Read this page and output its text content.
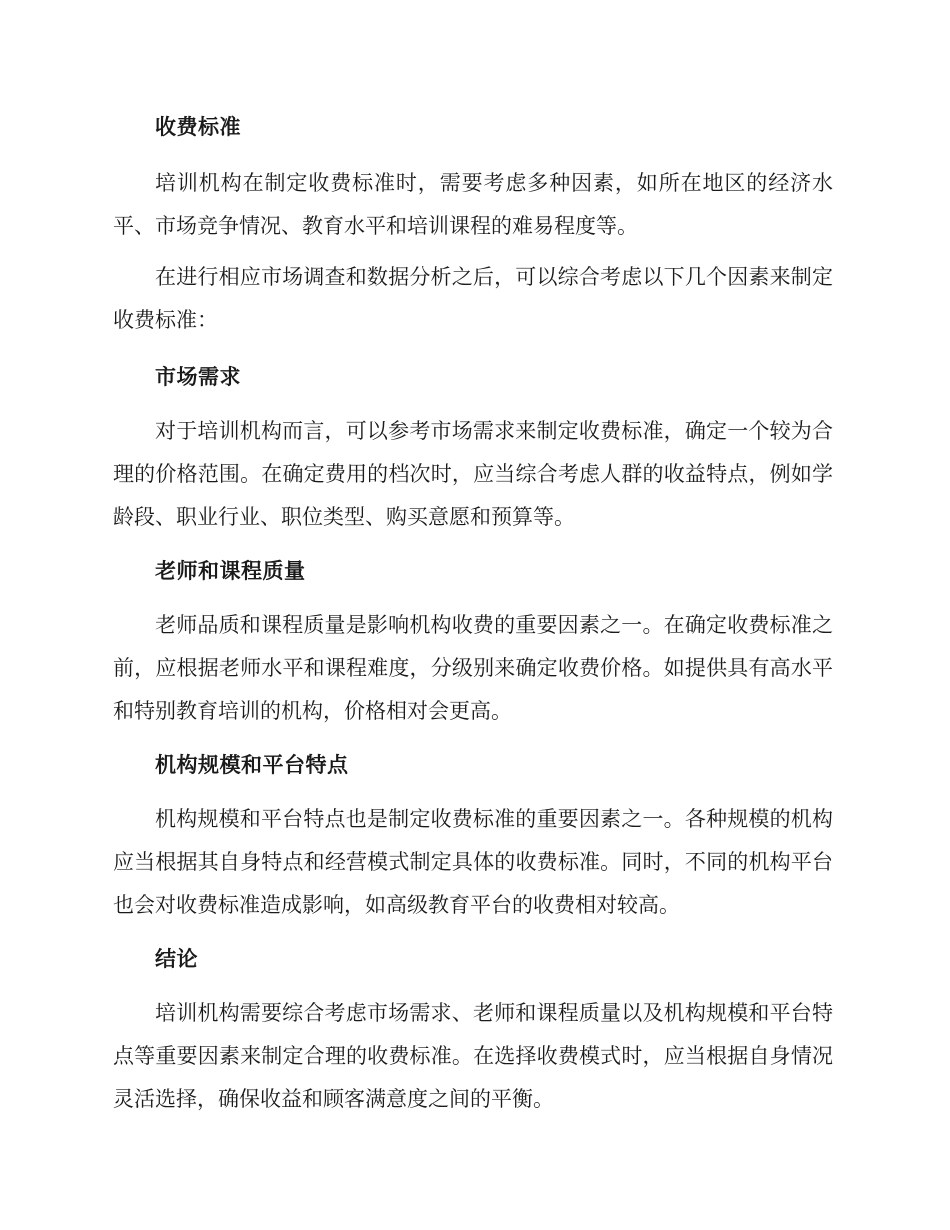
收费标准

培训机构在制定收费标准时，需要考虑多种因素，如所在地区的经济水平、市场竞争情况、教育水平和培训课程的难易程度等。

在进行相应市场调查和数据分析之后，可以综合考虑以下几个因素来制定收费标准：

市场需求

对于培训机构而言，可以参考市场需求来制定收费标准，确定一个较为合理的价格范围。在确定费用的档次时，应当综合考虑人群的收益特点，例如学龄段、职业行业、职位类型、购买意愿和预算等。

老师和课程质量

老师品质和课程质量是影响机构收费的重要因素之一。在确定收费标准之前，应根据老师水平和课程难度，分级别来确定收费价格。如提供具有高水平和特别教育培训的机构，价格相对会更高。

机构规模和平台特点

机构规模和平台特点也是制定收费标准的重要因素之一。各种规模的机构应当根据其自身特点和经营模式制定具体的收费标准。同时，不同的机构平台也会对收费标准造成影响，如高级教育平台的收费相对较高。

结论

培训机构需要综合考虑市场需求、老师和课程质量以及机构规模和平台特点等重要因素来制定合理的收费标准。在选择收费模式时，应当根据自身情况灵活选择，确保收益和顾客满意度之间的平衡。
